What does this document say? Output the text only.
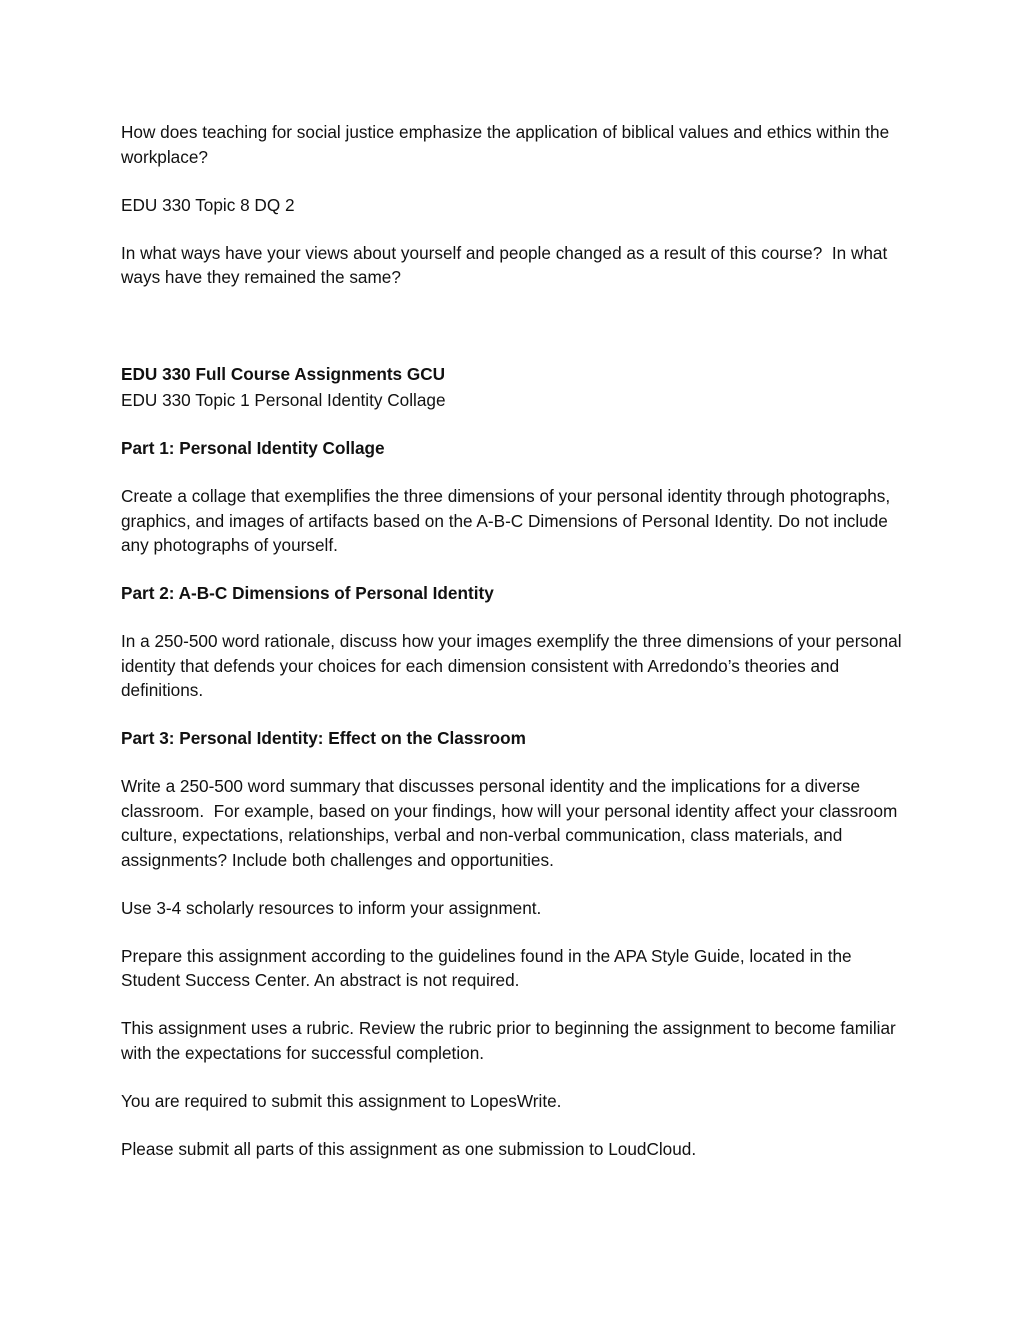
How does teaching for social justice emphasize the application of biblical values and ethics within the workplace?

EDU 330 Topic 8 DQ 2

In what ways have your views about yourself and people changed as a result of this course?  In what ways have they remained the same?

EDU 330 Full Course Assignments GCU

EDU 330 Topic 1 Personal Identity Collage

Part 1: Personal Identity Collage

Create a collage that exemplifies the three dimensions of your personal identity through photographs, graphics, and images of artifacts based on the A-B-C Dimensions of Personal Identity. Do not include any photographs of yourself.

Part 2: A-B-C Dimensions of Personal Identity

In a 250-500 word rationale, discuss how your images exemplify the three dimensions of your personal identity that defends your choices for each dimension consistent with Arredondo’s theories and definitions.

Part 3: Personal Identity: Effect on the Classroom

Write a 250-500 word summary that discusses personal identity and the implications for a diverse classroom.  For example, based on your findings, how will your personal identity affect your classroom culture, expectations, relationships, verbal and non-verbal communication, class materials, and assignments? Include both challenges and opportunities.

Use 3-4 scholarly resources to inform your assignment.

Prepare this assignment according to the guidelines found in the APA Style Guide, located in the Student Success Center. An abstract is not required.

This assignment uses a rubric. Review the rubric prior to beginning the assignment to become familiar with the expectations for successful completion.

You are required to submit this assignment to LopesWrite.

Please submit all parts of this assignment as one submission to LoudCloud.
